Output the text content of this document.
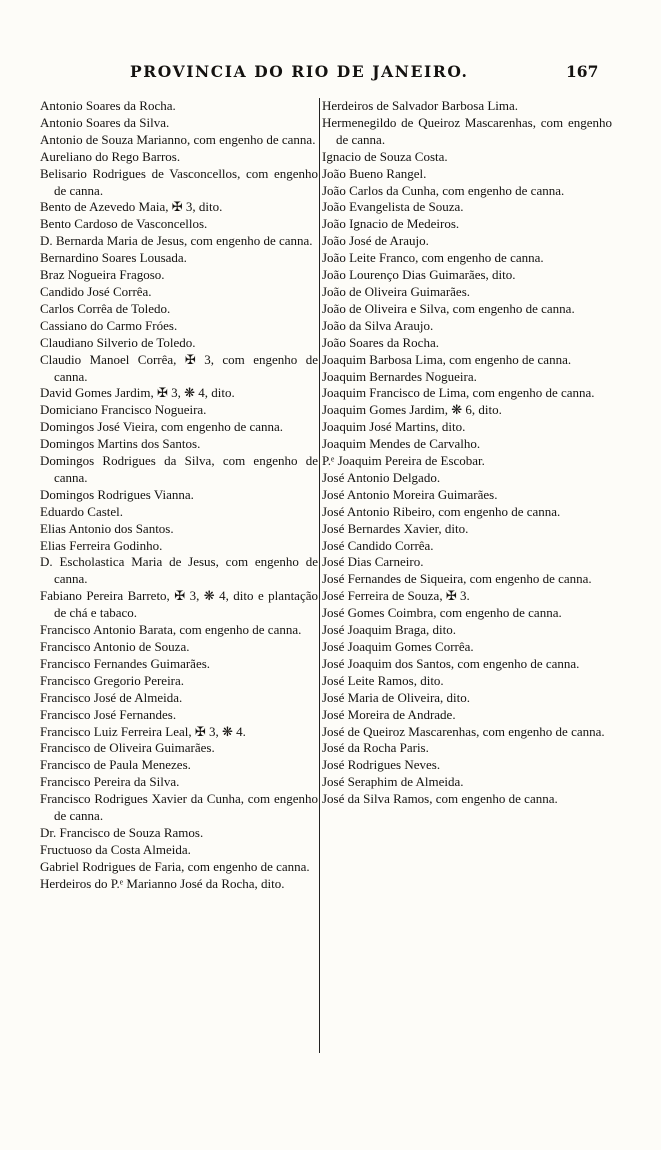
PROVINCIA DO RIO DE JANEIRO.	167
Antonio Soares da Rocha.
Antonio Soares da Silva.
Antonio de Souza Marianno, com engenho de canna.
Aureliano do Rego Barros.
Belisario Rodrigues de Vasconcellos, com engenho de canna.
Bento de Azevedo Maia, ✠ 3, dito.
Bento Cardoso de Vasconcellos.
D. Bernarda Maria de Jesus, com engenho de canna.
Bernardino Soares Lousada.
Braz Nogueira Fragoso.
Candido José Corrêa.
Carlos Corrêa de Toledo.
Cassiano do Carmo Fróes.
Claudiano Silverio de Toledo.
Claudio Manoel Corrêa, ✠ 3, com engenho de canna.
David Gomes Jardim, ✠ 3, ❋ 4, dito.
Domiciano Francisco Nogueira.
Domingos José Vieira, com engenho de canna.
Domingos Martins dos Santos.
Domingos Rodrigues da Silva, com engenho de canna.
Domingos Rodrigues Vianna.
Eduardo Castel.
Elias Antonio dos Santos.
Elias Ferreira Godinho.
D. Escholastica Maria de Jesus, com engenho de canna.
Fabiano Pereira Barreto, ✠ 3, ❋ 4, dito e plantação de chá e tabaco.
Francisco Antonio Barata, com engenho de canna.
Francisco Antonio de Souza.
Francisco Fernandes Guimarães.
Francisco Gregorio Pereira.
Francisco José de Almeida.
Francisco José Fernandes.
Francisco Luiz Ferreira Leal, ✠ 3, ❋ 4.
Francisco de Oliveira Guimarães.
Francisco de Paula Menezes.
Francisco Pereira da Silva.
Francisco Rodrigues Xavier da Cunha, com engenho de canna.
Dr. Francisco de Souza Ramos.
Fructuoso da Costa Almeida.
Gabriel Rodrigues de Faria, com engenho de canna.
Herdeiros do P.ᵉ Marianno José da Rocha, dito.
Herdeiros de Salvador Barbosa Lima.
Hermenegildo de Queiroz Mascarenhas, com engenho de canna.
Ignacio de Souza Costa.
João Bueno Rangel.
João Carlos da Cunha, com engenho de canna.
João Evangelista de Souza.
João Ignacio de Medeiros.
João José de Araujo.
João Leite Franco, com engenho de canna.
João Lourenço Dias Guimarães, dito.
João de Oliveira Guimarães.
João de Oliveira e Silva, com engenho de canna.
João da Silva Araujo.
João Soares da Rocha.
Joaquim Barbosa Lima, com engenho de canna.
Joaquim Bernardes Nogueira.
Joaquim Francisco de Lima, com engenho de canna.
Joaquim Gomes Jardim, ❋ 6, dito.
Joaquim José Martins, dito.
Joaquim Mendes de Carvalho.
P.ᵉ Joaquim Pereira de Escobar.
José Antonio Delgado.
José Antonio Moreira Guimarães.
José Antonio Ribeiro, com engenho de canna.
José Bernardes Xavier, dito.
José Candido Corrêa.
José Dias Carneiro.
José Fernandes de Siqueira, com engenho de canna.
José Ferreira de Souza, ✠ 3.
José Gomes Coimbra, com engenho de canna.
José Joaquim Braga, dito.
José Joaquim Gomes Corrêa.
José Joaquim dos Santos, com engenho de canna.
José Leite Ramos, dito.
José Maria de Oliveira, dito.
José Moreira de Andrade.
José de Queiroz Mascarenhas, com engenho de canna.
José da Rocha Paris.
José Rodrigues Neves.
José Seraphim de Almeida.
José da Silva Ramos, com engenho de canna.
